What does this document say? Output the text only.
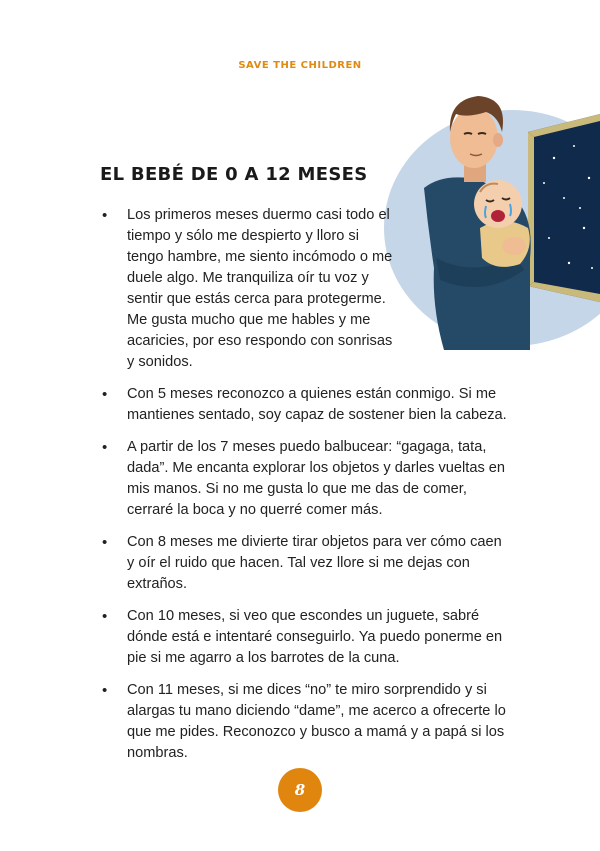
SAVE THE CHILDREN
EL BEBÉ DE 0 A 12 MESES
• Los primeros meses duermo casi todo el tiempo y sólo me despierto y lloro si tengo hambre, me siento incómodo o me duele algo. Me tranquiliza oír tu voz y sentir que estás cerca para protegerme. Me gusta mucho que me hables y me acaricies, por eso respondo con sonrisas y sonidos.
• Con 5 meses reconozco a quienes están conmigo. Si me mantienes sentado, soy capaz de sostener bien la cabeza.
• A partir de los 7 meses puedo balbucear: “gagaga, tata, dada”. Me encanta explorar los objetos y darles vueltas en mis manos. Si no me gusta lo que me das de comer, cerraré la boca y no querré comer más.
• Con 8 meses me divierte tirar objetos para ver cómo caen y oír el ruido que hacen. Tal vez llore si me dejas con extraños.
• Con 10 meses, si veo que escondes un juguete, sabré dónde está e intentaré conseguirlo. Ya puedo ponerme en pie si me agarro a los barrotes de la cuna.
• Con 11 meses, si me dices “no” te miro sorprendido y si alargas tu mano diciendo “dame”, me acerco a ofrecerte lo que me pides. Reconozco y busco a mamá y a papá si los nombras.
8
